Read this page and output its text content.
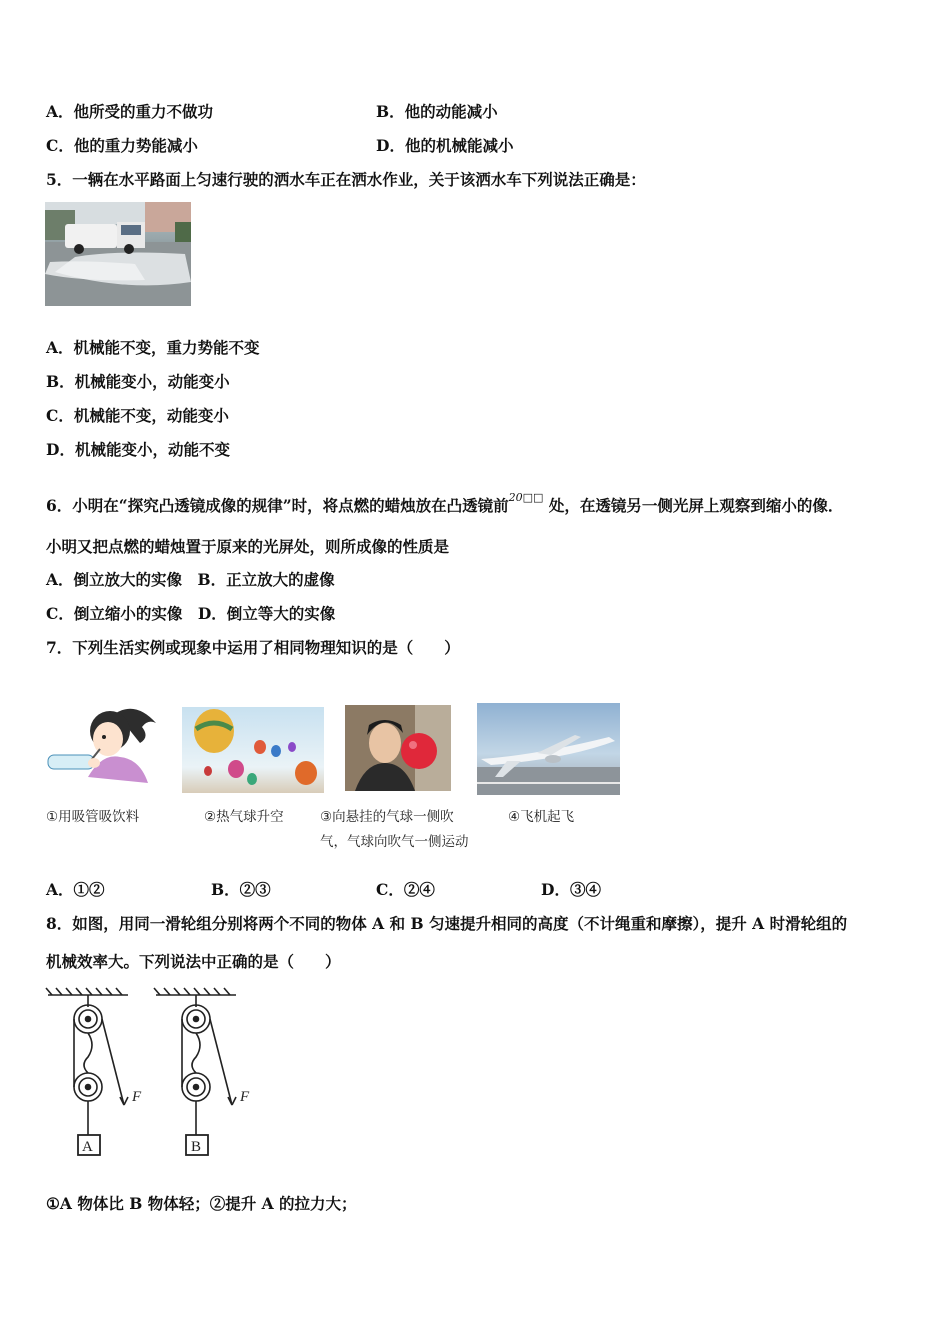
A．他所受的重力不做功	B．他的动能减小
C．他的重力势能减小	D．他的机械能减小
5．一辆在水平路面上匀速行驶的洒水车正在洒水作业，关于该洒水车下列说法正确是：
A．机械能不变，重力势能不变
B．机械能变小，动能变小
C．机械能不变，动能变小
D．机械能变小，动能不变
6．小明在“探究凸透镜成像的规律”时，将点燃的蜡烛放在凸透镜前$^{20□□}$ 处，在透镜另一侧光屏上观察到缩小的像．
小明又把点燃的蜡烛置于原来的光屏处，则所成像的性质是
A．倒立放大的实像　B．正立放大的虚像
C．倒立缩小的实像　D．倒立等大的实像
7．下列生活实例或现象中运用了相同物理知识的是（　　）
①用吸管吸饮料	②热气球升空	③向悬挂的气球一侧吹
气，气球向吹气一侧运动
④飞机起飞
A．①②	B．②③	C．②④	D．③④
8．如图，用同一滑轮组分别将两个不同的物体 A 和 B 匀速提升相同的高度（不计绳重和摩擦），提升 A 时滑轮组的
机械效率大。下列说法中正确的是（　　）
F
A
F
B
①A 物体比 B 物体轻；②提升 A 的拉力大；
